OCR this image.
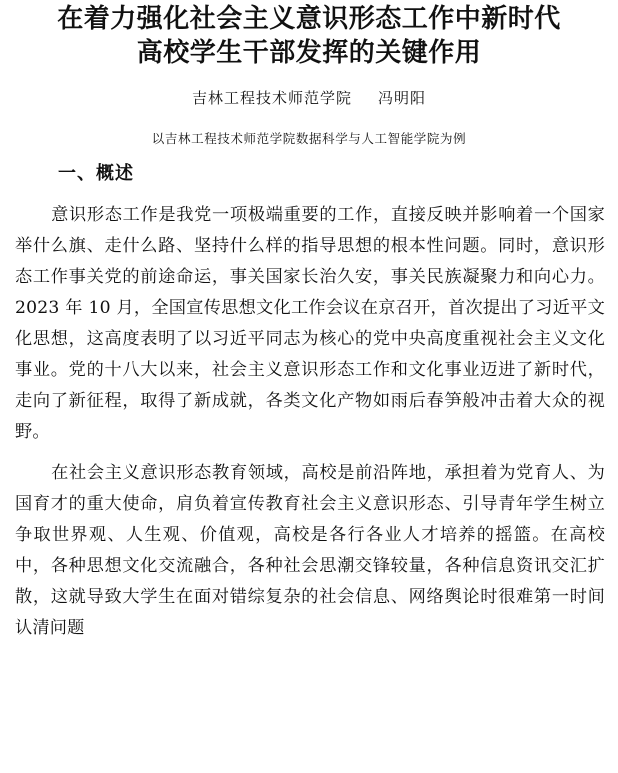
在着力强化社会主义意识形态工作中新时代
高校学生干部发挥的关键作用
吉林工程技术师范学院 冯明阳
以吉林工程技术师范学院数据科学与人工智能学院为例
一、概述

意识形态工作是我党一项极端重要的工作，直接反映并影响着一个国家举什么旗、走什么路、坚持什么样的指导思想的根本性问题。同时，意识形态工作事关党的前途命运，事关国家长治久安，事关民族凝聚力和向心力。2023 年 10 月，全国宣传思想文化工作会议在京召开，首次提出了习近平文化思想，这高度表明了以习近平同志为核心的党中央高度重视社会主义文化事业。党的十八大以来，社会主义意识形态工作和文化事业迈进了新时代，走向了新征程，取得了新成就，各类文化产物如雨后春笋般冲击着大众的视野。

在社会主义意识形态教育领域，高校是前沿阵地，承担着为党育人、为国育才的重大使命，肩负着宣传教育社会主义意识形态、引导青年学生树立争取世界观、人生观、价值观，高校是各行各业人才培养的摇篮。在高校中，各种思想文化交流融合，各种社会思潮交锋较量，各种信息资讯交汇扩散，这就导致大学生在面对错综复杂的社会信息、网络舆论时很难第一时间认清问题
